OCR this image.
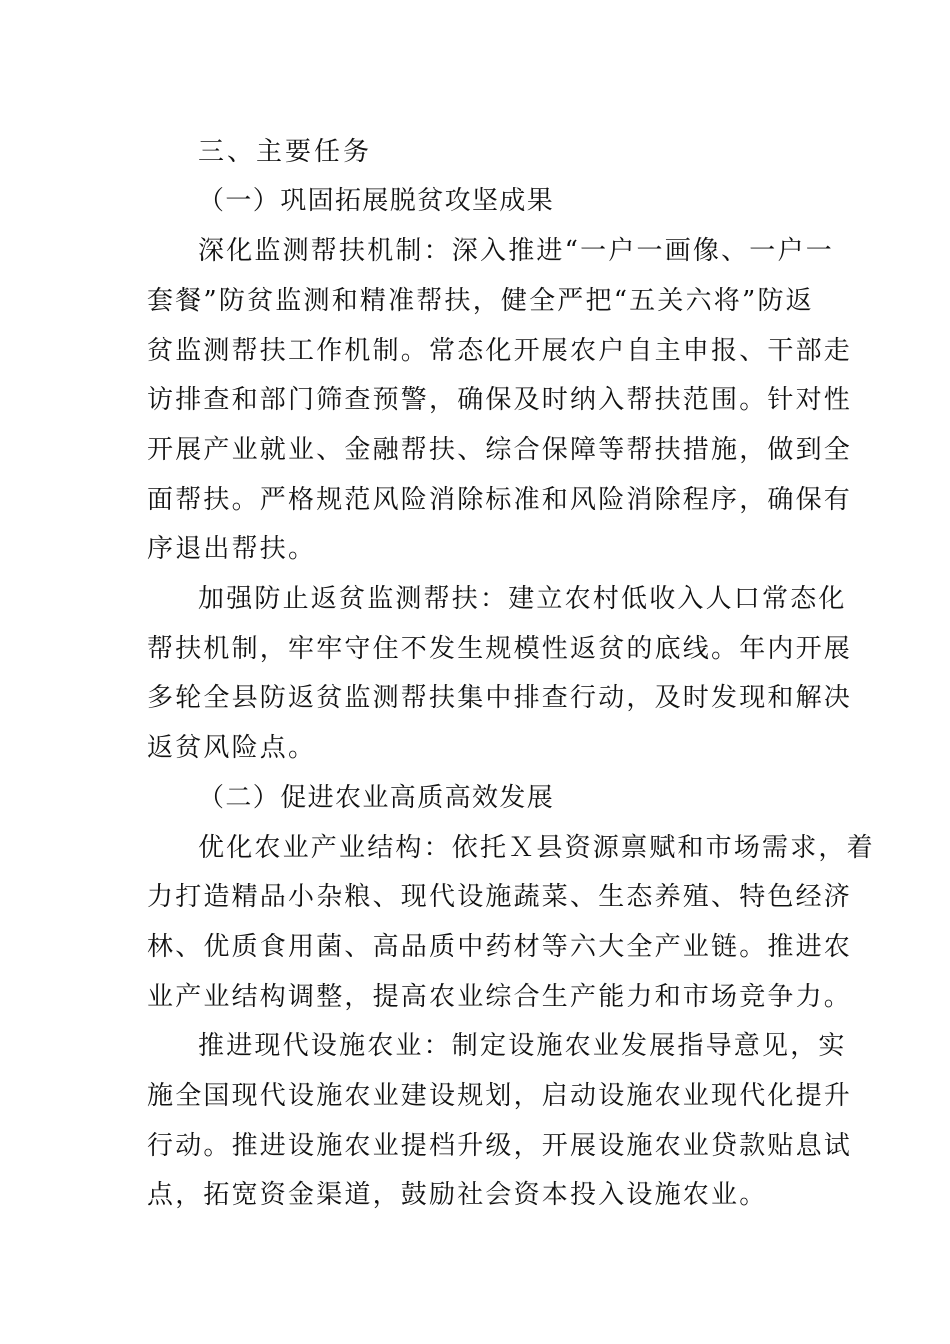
三、主要任务
（一）巩固拓展脱贫攻坚成果
深化监测帮扶机制：深入推进“一户一画像、一户一
套餐”防贫监测和精准帮扶，健全严把“五关六将”防返
贫监测帮扶工作机制。常态化开展农户自主申报、干部走
访排查和部门筛查预警，确保及时纳入帮扶范围。针对性
开展产业就业、金融帮扶、综合保障等帮扶措施，做到全
面帮扶。严格规范风险消除标准和风险消除程序，确保有
序退出帮扶。
加强防止返贫监测帮扶：建立农村低收入人口常态化
帮扶机制，牢牢守住不发生规模性返贫的底线。年内开展
多轮全县防返贫监测帮扶集中排查行动，及时发现和解决
返贫风险点。
（二）促进农业高质高效发展
优化农业产业结构：依托Ｘ县资源禀赋和市场需求，着
力打造精品小杂粮、现代设施蔬菜、生态养殖、特色经济
林、优质食用菌、高品质中药材等六大全产业链。推进农
业产业结构调整，提高农业综合生产能力和市场竞争力。
推进现代设施农业：制定设施农业发展指导意见，实
施全国现代设施农业建设规划，启动设施农业现代化提升
行动。推进设施农业提档升级，开展设施农业贷款贴息试
点，拓宽资金渠道，鼓励社会资本投入设施农业。
